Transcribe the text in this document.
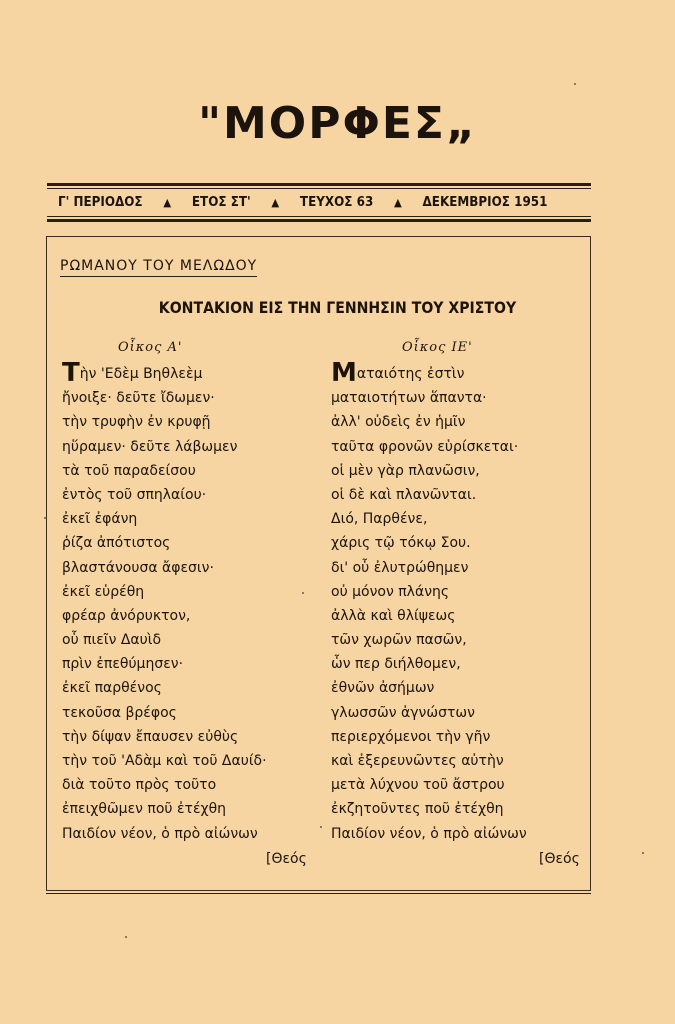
"ΜΟΡΦΕΣ„
Γ' ΠΕΡΙΟΔΟΣ ▲ ΕΤΟΣ ΣΤ' ▲ ΤΕΥΧΟΣ 63 ▲ ΔΕΚΕΜΒΡΙΟΣ 1951
ΡΩΜΑΝΟΥ ΤΟΥ ΜΕΛΩΔΟΥ
ΚΟΝΤΑΚΙΟΝ ΕΙΣ ΤΗΝ ΓΕΝΝΗΣΙΝ ΤΟΥ ΧΡΙΣΤΟΥ
Οἶκος Α'	Οἶκος ΙΕ'
Τὴν 'Εδὲμ Βηθλεὲμ
ἤνοιξε· δεῦτε ἴδωμεν·
τὴν τρυφὴν ἐν κρυφῇ
ηὕραμεν· δεῦτε λάβωμεν
τὰ τοῦ παραδείσου
ἐντὸς τοῦ σπηλαίου·
ἐκεῖ ἐφάνη
ῥίζα ἀπότιστος
βλαστάνουσα ἄφεσιν·
ἐκεῖ εὑρέθη
φρέαρ ἀνόρυκτον,
οὗ πιεῖν Δαυὶδ
πρὶν ἐπεθύμησεν·
ἐκεῖ παρθένος
τεκοῦσα βρέφος
τὴν δίψαν ἔπαυσεν εὐθὺς
τὴν τοῦ 'Αδὰμ καὶ τοῦ Δαυίδ·
διὰ τοῦτο πρὸς τοῦτο
ἐπειχθῶμεν ποῦ ἐτέχθη
Παιδίον νέον, ὁ πρὸ αἰώνων
Ματαιότης ἐστὶν
ματαιοτήτων ἅπαντα·
ἀλλ' οὐδεὶς ἐν ἡμῖν
ταῦτα φρονῶν εὑρίσκεται·
οἱ μὲν γὰρ πλανῶσιν,
οἱ δὲ καὶ πλανῶνται.
Διό, Παρθένε,
χάρις τῷ τόκῳ Σου.
δι' οὗ ἐλυτρώθημεν
οὐ μόνον πλάνης
ἀλλὰ καὶ θλίψεως
τῶν χωρῶν πασῶν,
ὧν περ διήλθομεν,
ἐθνῶν ἀσήμων
γλωσσῶν ἀγνώστων
περιερχόμενοι τὴν γῆν
καὶ ἐξερευνῶντες αὐτὴν
μετὰ λύχνου τοῦ ἄστρου
ἐκζητοῦντες ποῦ ἐτέχθη
Παιδίον νέον, ὁ πρὸ αἰώνων
[Θεός	[Θεός
